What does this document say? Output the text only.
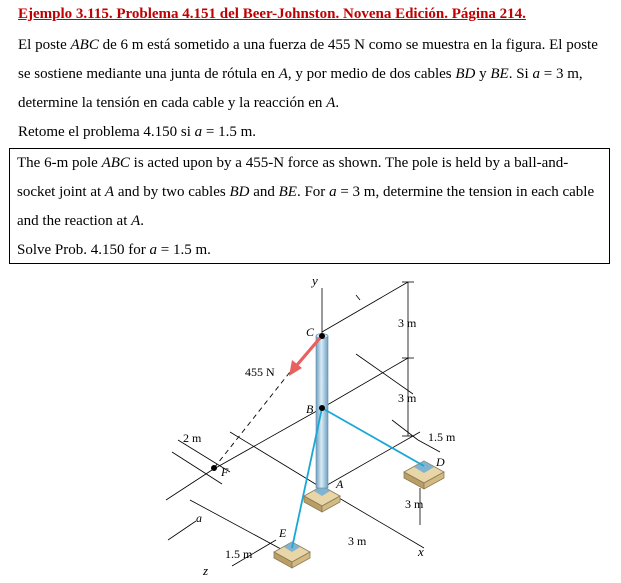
Ejemplo 3.115. Problema 4.151 del Beer-Johnston. Novena Edición. Página 214.

El poste ABC de 6 m está sometido a una fuerza de 455 N como se muestra en la figura. El poste se sostiene mediante una junta de rótula en A, y por medio de dos cables BD y BE. Si a = 3 m, determine la tensión en cada cable y la reacción en A.

Retome el problema 4.150 si a = 1.5 m.

The 6-m pole ABC is acted upon by a 455-N force as shown. The pole is held by a ball-and-socket joint at A and by two cables BD and BE. For a = 3 m, determine the tension in each cable and the reaction at A.

Solve Prob. 4.150 for a = 1.5 m.

y
3 m
3 m
1.5 m
3 m
x
2 m
a
1.5 m
z
3 m
F
C
B
A
D
E
455 N
